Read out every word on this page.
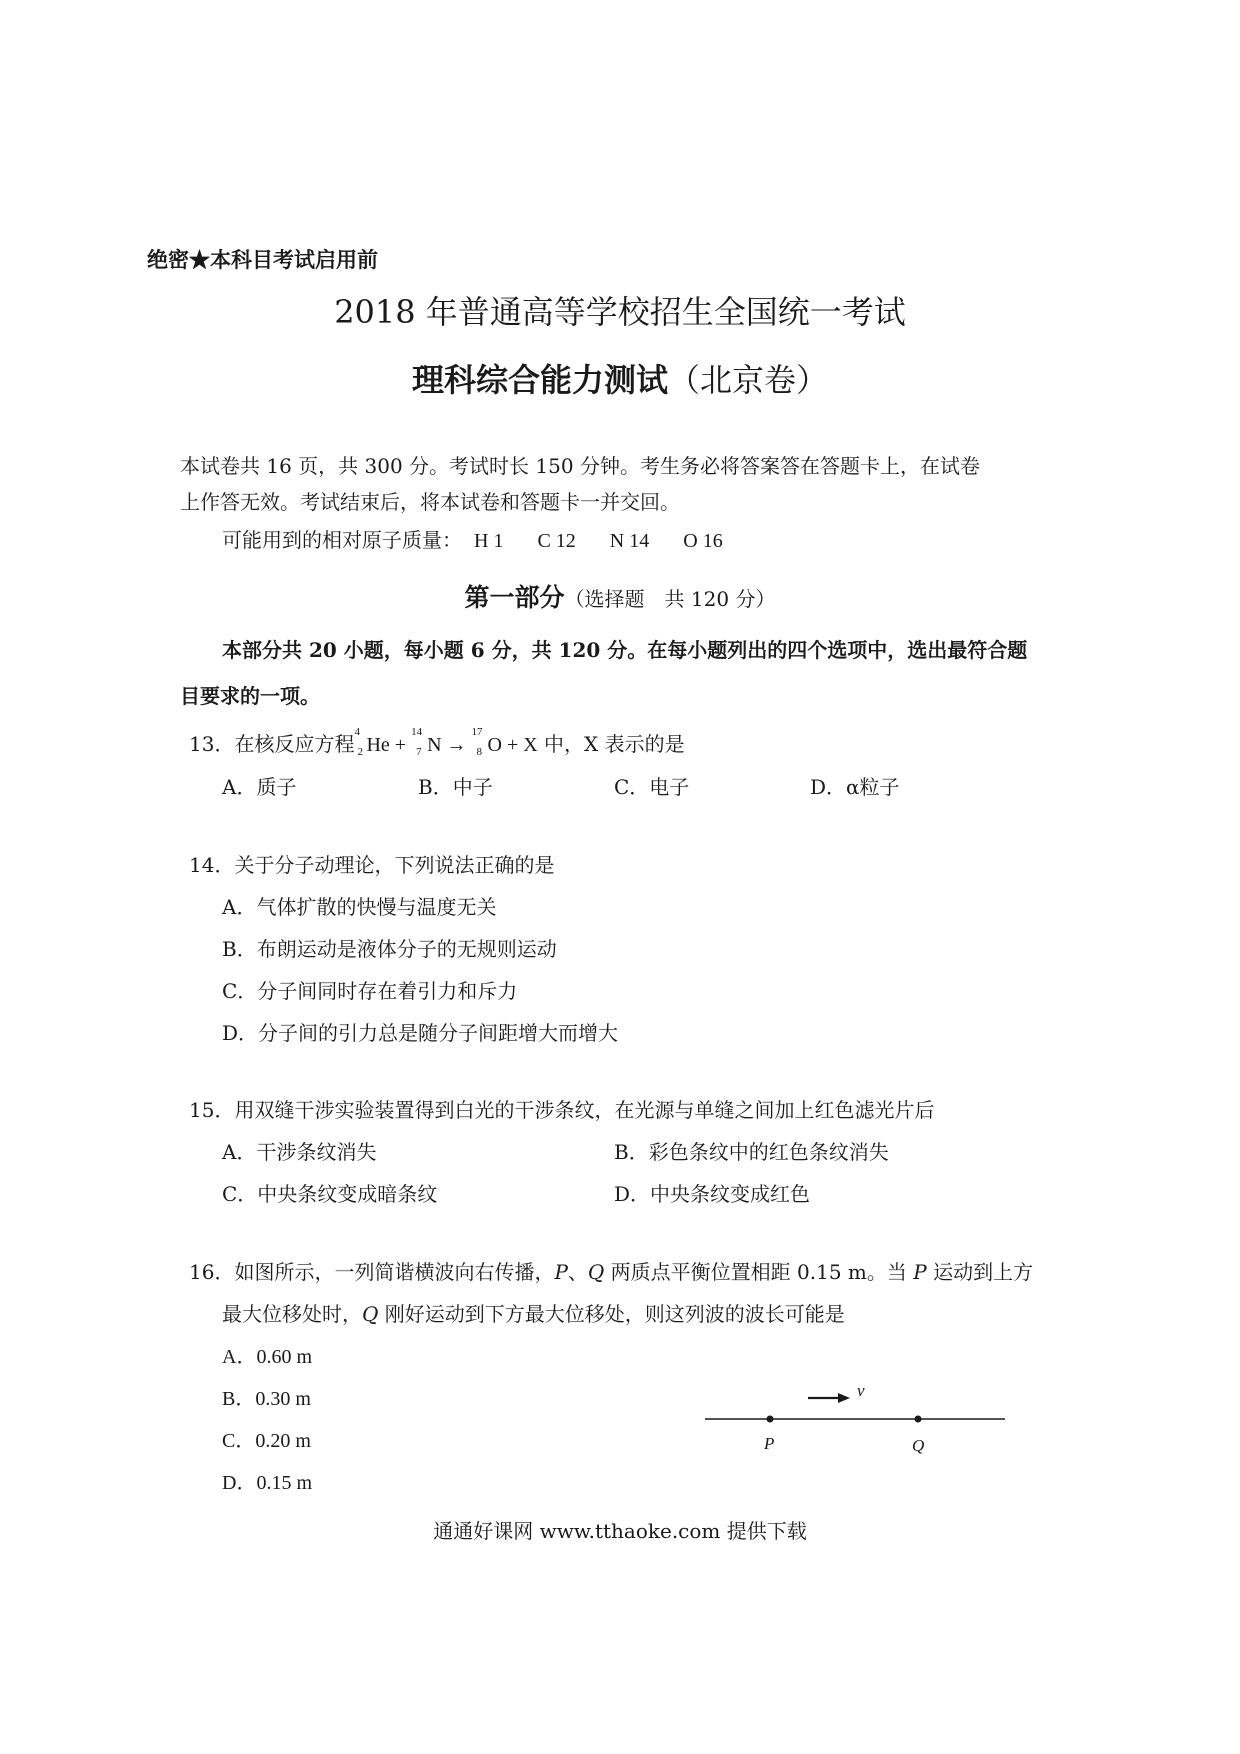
绝密★本科目考试启用前
2018 年普通高等学校招生全国统一考试
理科综合能力测试（北京卷）
本试卷共 16 页，共 300 分。考试时长 150 分钟。考生务必将答案答在答题卡上，在试卷
上作答无效。考试结束后，将本试卷和答题卡一并交回。
可能用到的相对原子质量： H 1 C 12 N 14 O 16
第一部分（选择题　共 120 分）
本部分共 20 小题，每小题 6 分，共 120 分。在每小题列出的四个选项中，选出最符合题
目要求的一项。
13．在核反应方程 4
2 He +
14
7 N →
17
8 O + X 中，X 表示的是
A．质子	B．中子	C．电子	D．α粒子
14．关于分子动理论，下列说法正确的是
A．气体扩散的快慢与温度无关
B．布朗运动是液体分子的无规则运动
C．分子间同时存在着引力和斥力
D．分子间的引力总是随分子间距增大而增大
15．用双缝干涉实验装置得到白光的干涉条纹，在光源与单缝之间加上红色滤光片后
A．干涉条纹消失	B．彩色条纹中的红色条纹消失
C．中央条纹变成暗条纹	D．中央条纹变成红色
16．如图所示，一列简谐横波向右传播，P、Q 两质点平衡位置相距 0.15 m。当 P 运动到上方
最大位移处时，Q 刚好运动到下方最大位移处，则这列波的波长可能是
A．0.60 m
B．0.30 m
C．0.20 m
D．0.15 m
v
P	Q
通通好课网 www.tthaoke.com 提供下载
